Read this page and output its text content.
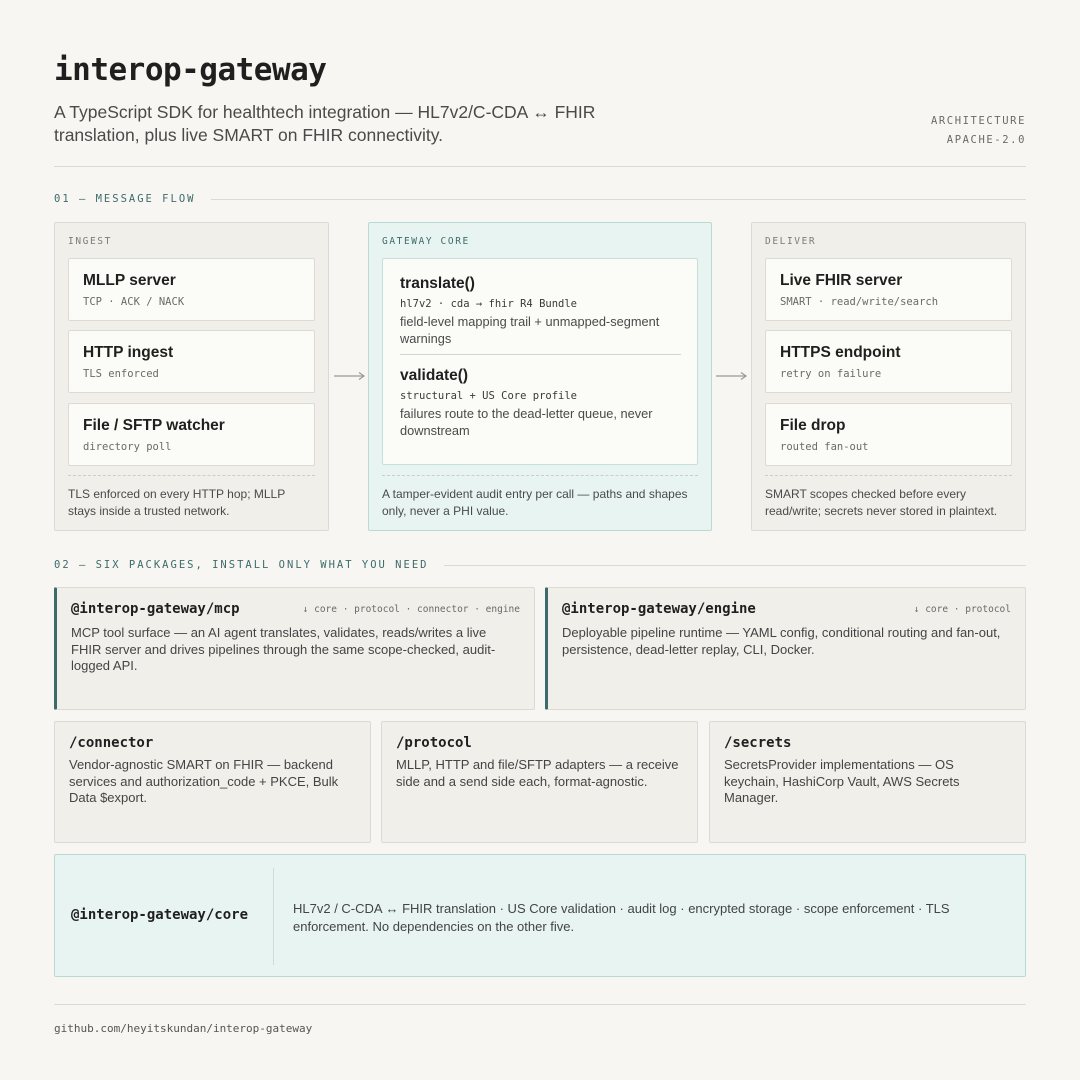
interop-gateway
A TypeScript SDK for healthtech integration — HL7v2/C-CDA ↔ FHIR translation, plus live SMART on FHIR connectivity.
ARCHITECTURE
APACHE-2.0
01 — MESSAGE FLOW
INGEST
MLLP server
TCP · ACK / NACK
HTTP ingest
TLS enforced
File / SFTP watcher
directory poll
TLS enforced on every HTTP hop; MLLP stays inside a trusted network.
GATEWAY CORE
translate()
hl7v2 · cda → fhir R4 Bundle
field-level mapping trail + unmapped-segment warnings
validate()
structural + US Core profile
failures route to the dead-letter queue, never downstream
A tamper-evident audit entry per call — paths and shapes only, never a PHI value.
DELIVER
Live FHIR server
SMART · read/write/search
HTTPS endpoint
retry on failure
File drop
routed fan-out
SMART scopes checked before every read/write; secrets never stored in plaintext.
02 — SIX PACKAGES, INSTALL ONLY WHAT YOU NEED
@interop-gateway/mcp	↓ core · protocol · connector · engine
MCP tool surface — an AI agent translates, validates, reads/writes a live FHIR server and drives pipelines through the same scope-checked, audit-logged API.
@interop-gateway/engine	↓ core · protocol
Deployable pipeline runtime — YAML config, conditional routing and fan-out, persistence, dead-letter replay, CLI, Docker.
/connector
Vendor-agnostic SMART on FHIR — backend services and authorization_code + PKCE, Bulk Data $export.
/protocol
MLLP, HTTP and file/SFTP adapters — a receive side and a send side each, format-agnostic.
/secrets
SecretsProvider implementations — OS keychain, HashiCorp Vault, AWS Secrets Manager.
@interop-gateway/core	HL7v2 / C-CDA ↔ FHIR translation · US Core validation · audit log · encrypted storage · scope enforcement · TLS enforcement. No dependencies on the other five.
github.com/heyitskundan/interop-gateway
